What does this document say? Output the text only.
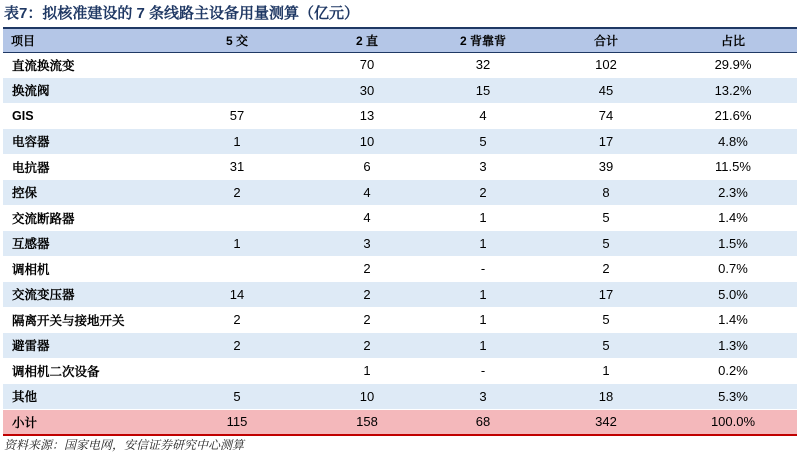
表7：拟核准建设的 7 条线路主设备用量测算（亿元）
项目	5 交	2 直	2 背靠背	合计	占比
直流换流变		70	32	102	29.9%
换流阀		30	15	45	13.2%
GIS	57	13	4	74	21.6%
电容器	1	10	5	17	4.8%
电抗器	31	6	3	39	11.5%
控保	2	4	2	8	2.3%
交流断路器		4	1	5	1.4%
互感器	1	3	1	5	1.5%
调相机		2	-	2	0.7%
交流变压器	14	2	1	17	5.0%
隔离开关与接地开关	2	2	1	5	1.4%
避雷器	2	2	1	5	1.3%
调相机二次设备		1	-	1	0.2%
其他	5	10	3	18	5.3%
小计	115	158	68	342	100.0%
资料来源：国家电网，安信证券研究中心测算
